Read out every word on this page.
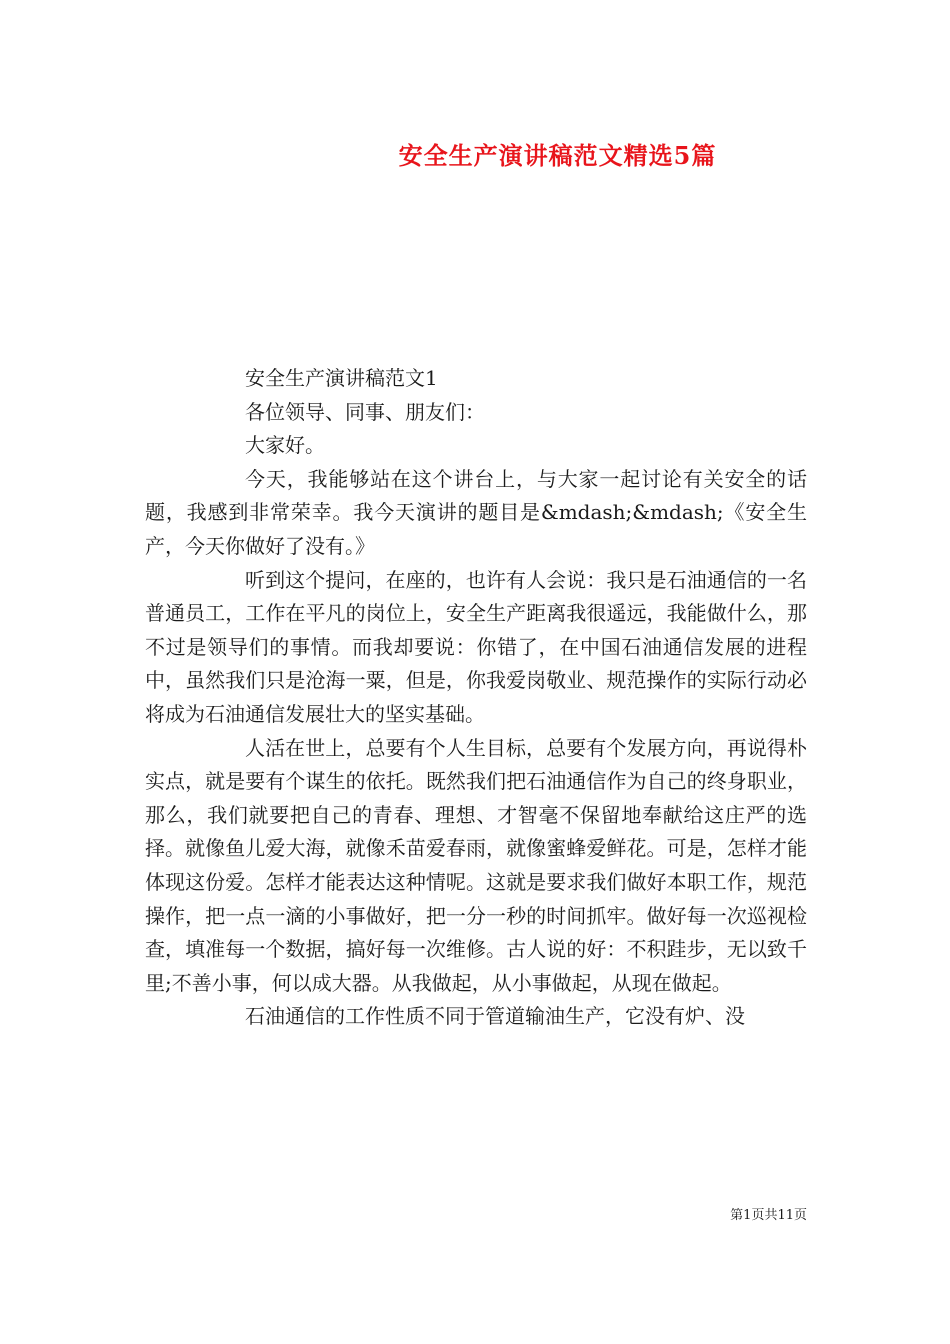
安全生产演讲稿范文精选5篇

安全生产演讲稿范文1

各位领导、同事、朋友们：

大家好。

今天，我能够站在这个讲台上，与大家一起讨论有关安全的话题，我感到非常荣幸。我今天演讲的题目是&mdash;&mdash;《安全生产，今天你做好了没有。》

听到这个提问，在座的，也许有人会说：我只是石油通信的一名普通员工，工作在平凡的岗位上，安全生产距离我很遥远，我能做什么，那不过是领导们的事情。而我却要说：你错了，在中国石油通信发展的进程中，虽然我们只是沧海一粟，但是，你我爱岗敬业、规范操作的实际行动必将成为石油通信发展壮大的坚实基础。

人活在世上，总要有个人生目标，总要有个发展方向，再说得朴实点，就是要有个谋生的依托。既然我们把石油通信作为自己的终身职业，那么，我们就要把自己的青春、理想、才智毫不保留地奉献给这庄严的选择。就像鱼儿爱大海，就像禾苗爱春雨，就像蜜蜂爱鲜花。可是，怎样才能体现这份爱。怎样才能表达这种情呢。这就是要求我们做好本职工作，规范操作，把一点一滴的小事做好，把一分一秒的时间抓牢。做好每一次巡视检查，填准每一个数据，搞好每一次维修。古人说的好：不积跬步，无以致千里;不善小事，何以成大器。从我做起，从小事做起，从现在做起。

石油通信的工作性质不同于管道输油生产，它没有炉、没

第1页共11页
